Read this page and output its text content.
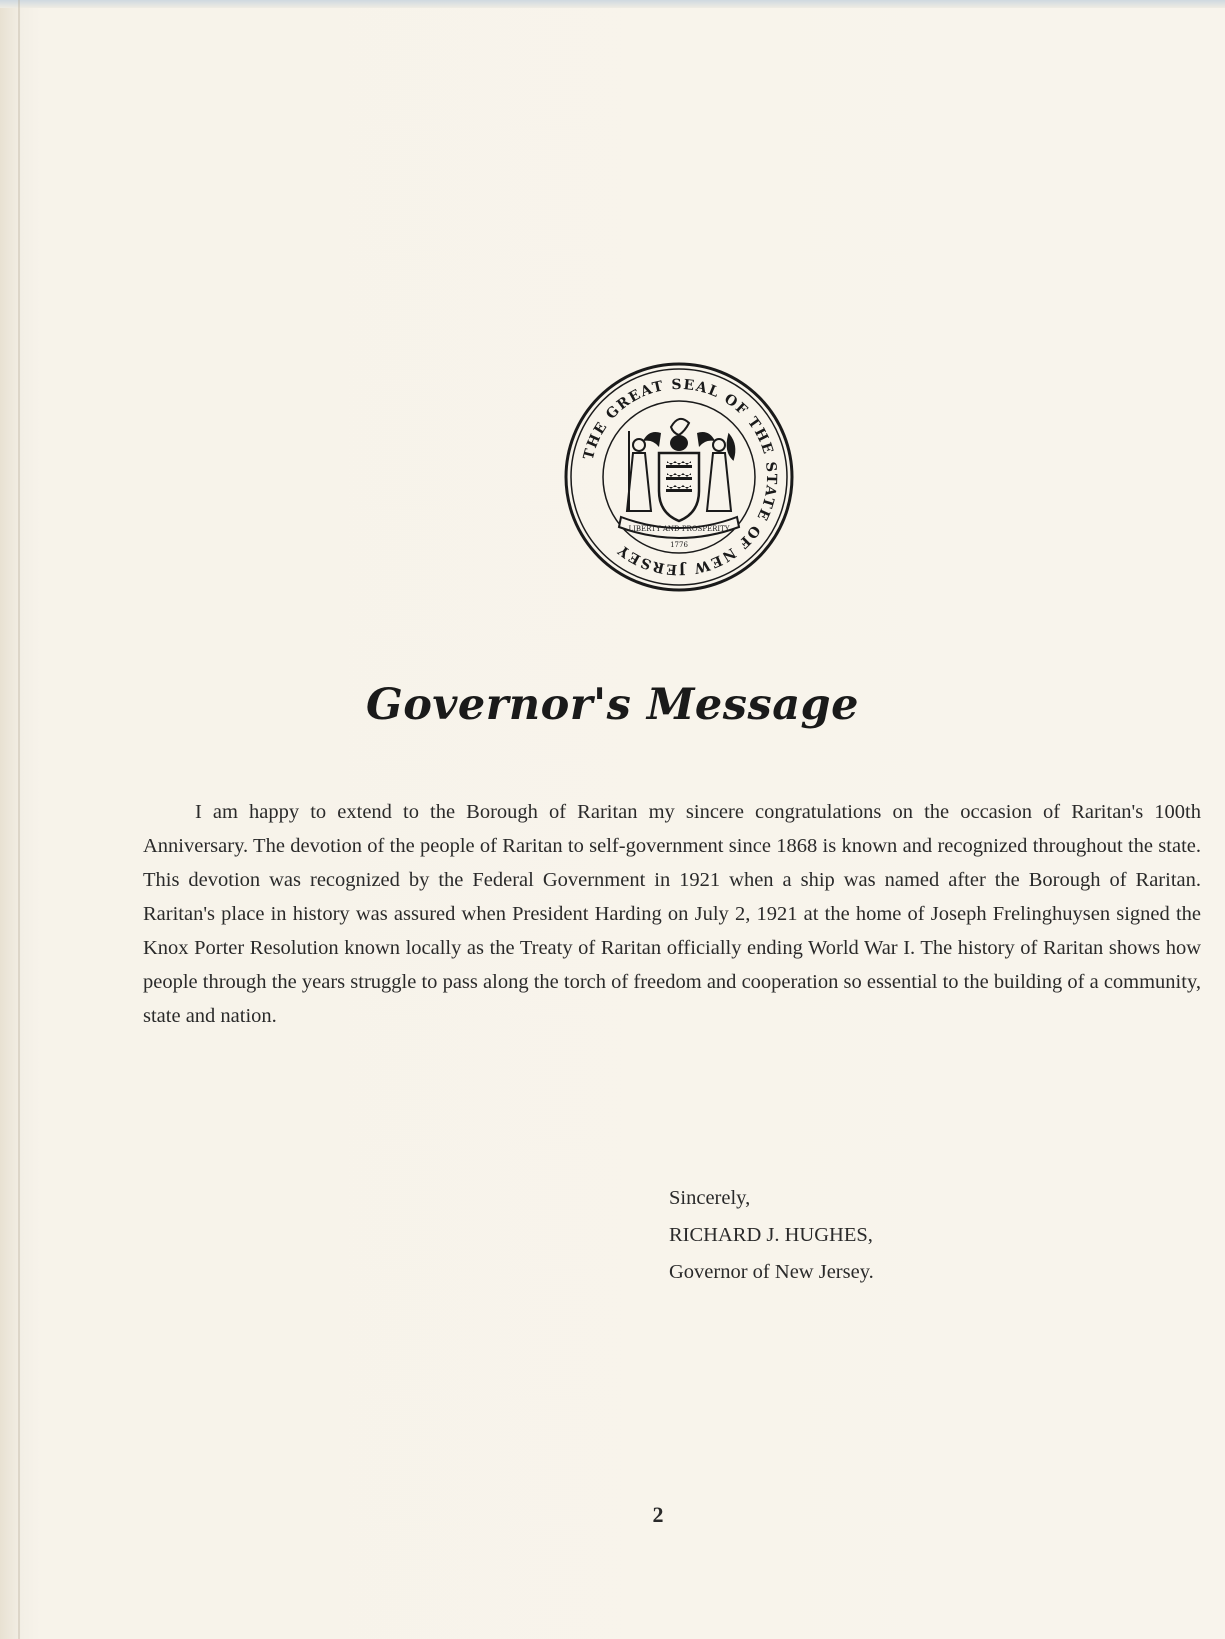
THE GREAT SEAL OF THE STATE OF NEW JERSEY
LIBERTY AND PROSPERITY
1776
Governor's Message
I am happy to extend to the Borough of Raritan my sincere congratulations on the occasion of Raritan's 100th Anniversary. The devotion of the people of Raritan to self-government since 1868 is known and recognized throughout the state. This devotion was recognized by the Federal Government in 1921 when a ship was named after the Borough of Raritan. Raritan's place in history was assured when President Harding on July 2, 1921 at the home of Joseph Frelinghuysen signed the Knox Porter Resolution known locally as the Treaty of Raritan officially ending World War I. The history of Raritan shows how people through the years struggle to pass along the torch of freedom and cooperation so essential to the building of a community, state and nation.
Sincerely,
RICHARD J. HUGHES,
Governor of New Jersey.
2
